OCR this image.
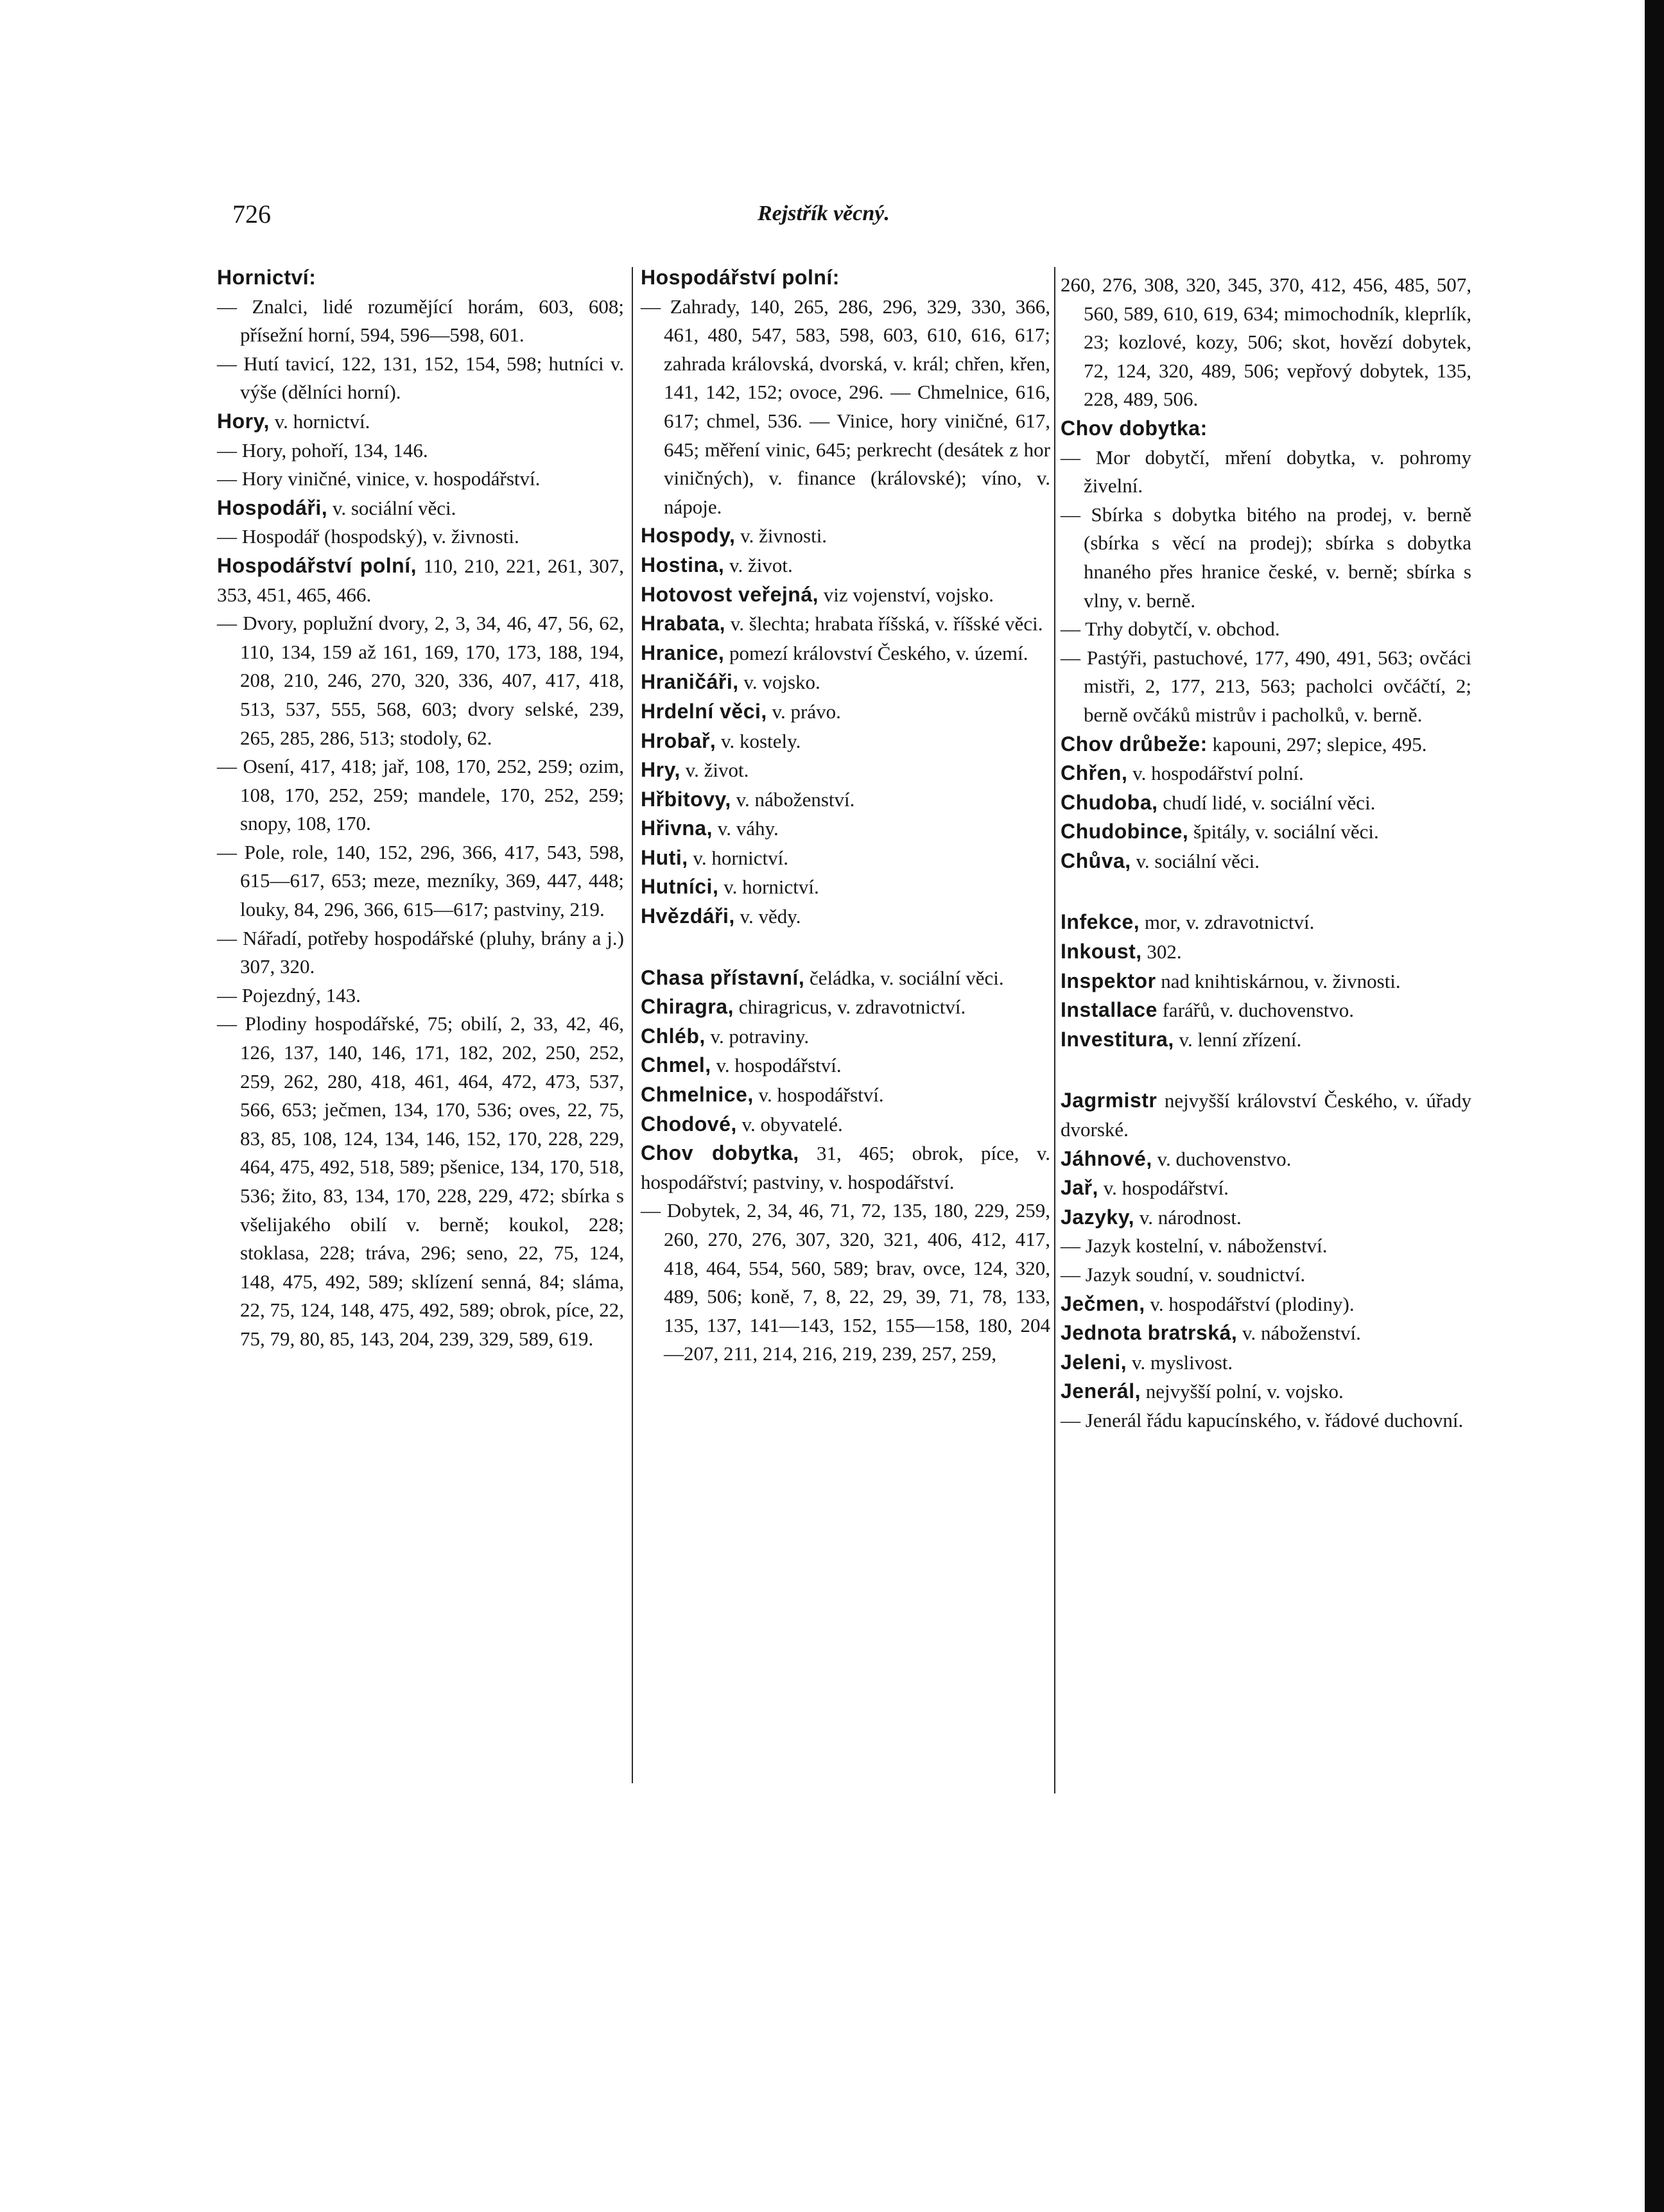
726	Rejstřík věcný.

Hornictví:

— Znalci, lidé rozumějící horám, 603, 608; přísežní horní, 594, 596—598, 601.

— Hutí tavicí, 122, 131, 152, 154, 598; hutníci v. výše (dělníci horní).

Hory, v. hornictví.

— Hory, pohoří, 134, 146.

— Hory viničné, vinice, v. hospodářství.

Hospodáři, v. sociální věci.

— Hospodář (hospodský), v. živnosti.

Hospodářství polní, 110, 210, 221, 261, 307, 353, 451, 465, 466.

— Dvory, poplužní dvory, 2, 3, 34, 46, 47, 56, 62, 110, 134, 159 až 161, 169, 170, 173, 188, 194, 208, 210, 246, 270, 320, 336, 407, 417, 418, 513, 537, 555, 568, 603; dvory selské, 239, 265, 285, 286, 513; stodoly, 62.

— Osení, 417, 418; jař, 108, 170, 252, 259; ozim, 108, 170, 252, 259; mandele, 170, 252, 259; snopy, 108, 170.

— Pole, role, 140, 152, 296, 366, 417, 543, 598, 615—617, 653; meze, mezníky, 369, 447, 448; louky, 84, 296, 366, 615—617; pastviny, 219.

— Nářadí, potřeby hospodářské (pluhy, brány a j.) 307, 320.

— Pojezdný, 143.

— Plodiny hospodářské, 75; obilí, 2, 33, 42, 46, 126, 137, 140, 146, 171, 182, 202, 250, 252, 259, 262, 280, 418, 461, 464, 472, 473, 537, 566, 653; ječmen, 134, 170, 536; oves, 22, 75, 83, 85, 108, 124, 134, 146, 152, 170, 228, 229, 464, 475, 492, 518, 589; pšenice, 134, 170, 518, 536; žito, 83, 134, 170, 228, 229, 472; sbírka s všelijakého obilí v. berně; koukol, 228; stoklasa, 228; tráva, 296; seno, 22, 75, 124, 148, 475, 492, 589; sklízení senná, 84; sláma, 22, 75, 124, 148, 475, 492, 589; obrok, píce, 22, 75, 79, 80, 85, 143, 204, 239, 329, 589, 619.

Hospodářství polní:

— Zahrady, 140, 265, 286, 296, 329, 330, 366, 461, 480, 547, 583, 598, 603, 610, 616, 617; zahrada královská, dvorská, v. král; chřen, křen, 141, 142, 152; ovoce, 296. — Chmelnice, 616, 617; chmel, 536. — Vinice, hory viničné, 617, 645; měření vinic, 645; perkrecht (desátek z hor viničných), v. finance (královské); víno, v. nápoje.

Hospody, v. živnosti.

Hostina, v. život.

Hotovost veřejná, viz vojenství, vojsko.

Hrabata, v. šlechta; hrabata říšská, v. říšské věci.

Hranice, pomezí království Českého, v. území.

Hraničáři, v. vojsko.

Hrdelní věci, v. právo.

Hrobař, v. kostely.

Hry, v. život.

Hřbitovy, v. náboženství.

Hřivna, v. váhy.

Huti, v. hornictví.

Hutníci, v. hornictví.

Hvězdáři, v. vědy.

Chasa přístavní, čeládka, v. sociální věci.

Chiragra, chiragricus, v. zdravotnictví.

Chléb, v. potraviny.

Chmel, v. hospodářství.

Chmelnice, v. hospodářství.

Chodové, v. obyvatelé.

Chov dobytka, 31, 465; obrok, píce, v. hospodářství; pastviny, v. hospodářství.

— Dobytek, 2, 34, 46, 71, 72, 135, 180, 229, 259, 260, 270, 276, 307, 320, 321, 406, 412, 417, 418, 464, 554, 560, 589; brav, ovce, 124, 320, 489, 506; koně, 7, 8, 22, 29, 39, 71, 78, 133, 135, 137, 141—143, 152, 155—158, 180, 204—207, 211, 214, 216, 219, 239, 257, 259,

260, 276, 308, 320, 345, 370, 412, 456, 485, 507, 560, 589, 610, 619, 634; mimochodník, kleprlík, 23; kozlové, kozy, 506; skot, hovězí dobytek, 72, 124, 320, 489, 506; vepřový dobytek, 135, 228, 489, 506.

Chov dobytka:

— Mor dobytčí, mření dobytka, v. pohromy živelní.

— Sbírka s dobytka bitého na prodej, v. berně (sbírka s věcí na prodej); sbírka s dobytka hnaného přes hranice české, v. berně; sbírka s vlny, v. berně.

— Trhy dobytčí, v. obchod.

— Pastýři, pastuchové, 177, 490, 491, 563; ovčáci mistři, 2, 177, 213, 563; pacholci ovčáčtí, 2; berně ovčáků mistrův i pacholků, v. berně.

Chov drůbeže: kapouni, 297; slepice, 495.

Chřen, v. hospodářství polní.

Chudoba, chudí lidé, v. sociální věci.

Chudobince, špitály, v. sociální věci.

Chůva, v. sociální věci.

Infekce, mor, v. zdravotnictví.

Inkoust, 302.

Inspektor nad knihtiskárnou, v. živnosti.

Installace farářů, v. duchovenstvo.

Investitura, v. lenní zřízení.

Jagrmistr nejvyšší království Českého, v. úřady dvorské.

Jáhnové, v. duchovenstvo.

Jař, v. hospodářství.

Jazyky, v. národnost.

— Jazyk kostelní, v. náboženství.

— Jazyk soudní, v. soudnictví.

Ječmen, v. hospodářství (plodiny).

Jednota bratrská, v. náboženství.

Jeleni, v. myslivost.

Jenerál, nejvyšší polní, v. vojsko.

— Jenerál řádu kapucínského, v. řádové duchovní.
